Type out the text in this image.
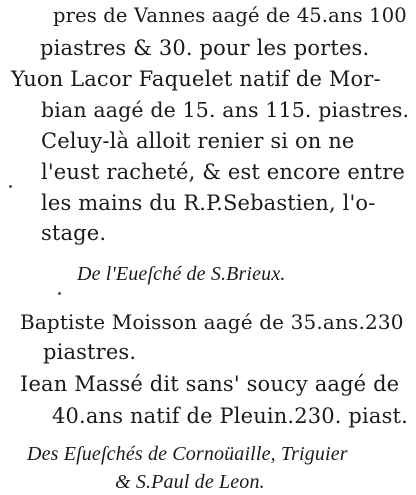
pres de Vannes aagé de 45.ans 100
piastres & 30. pour les portes.
Yuon Lacor Faquelet natif de Mor-
bian aagé de 15. ans 115. piastres.
Celuy-là alloit renier si on ne
l'eust racheté, & est encore entre
les mains du R.P.Sebastien, l'o-
stage.
De l'Eueſché de S.Brieux.
Baptiste Moisson aagé de 35.ans.230
piastres.
Iean Massé dit sans' soucy aagé de
40.ans natif de Pleuin.230. piast.
Des Eſueſchés de Cornoüaille, Triguier
& S.Paul de Leon.
